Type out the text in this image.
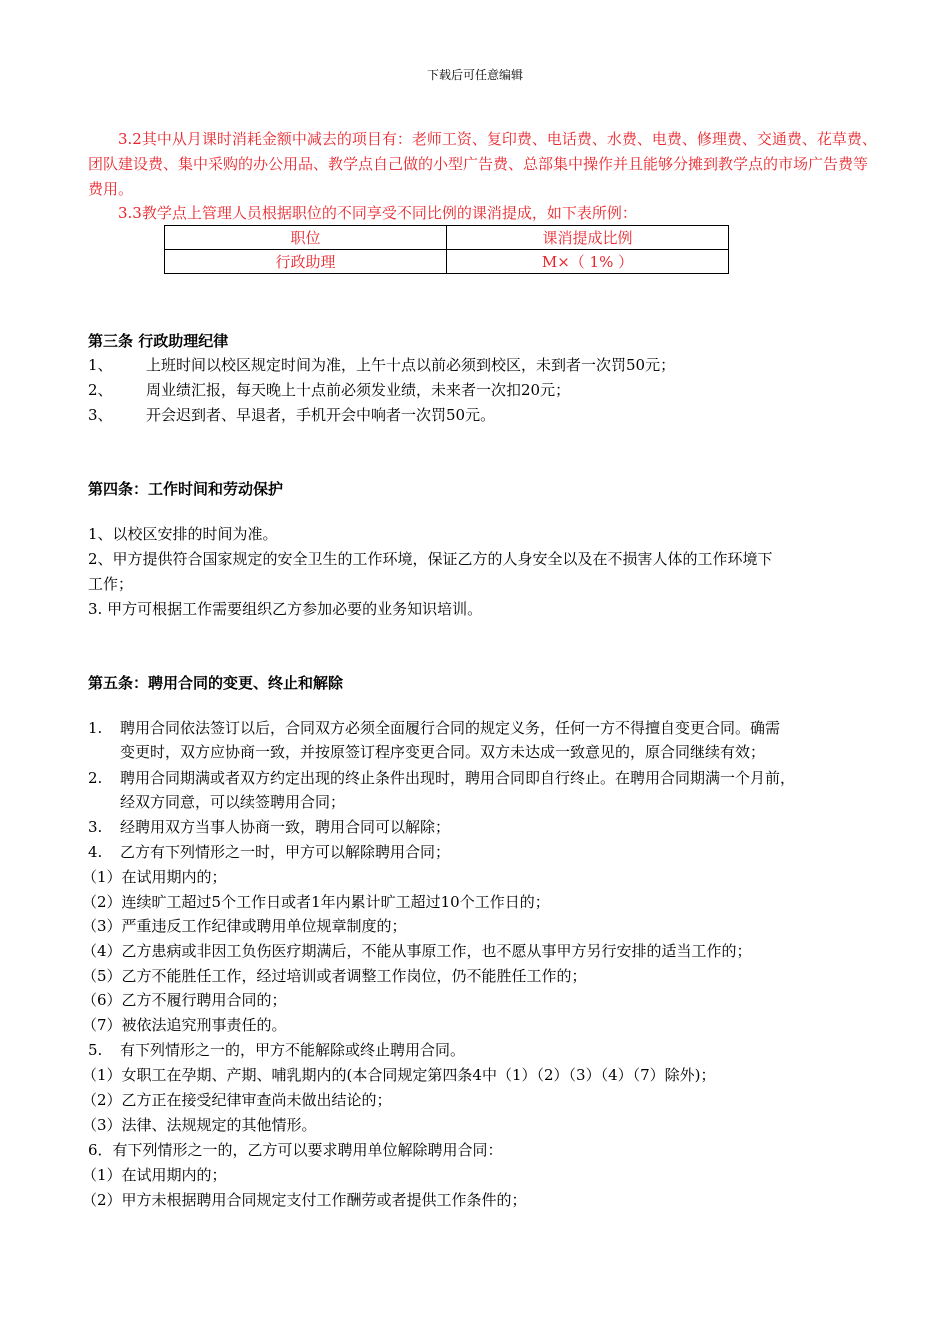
下载后可任意编辑
3.2其中从月课时消耗金额中减去的项目有：老师工资、复印费、电话费、水费、电费、修理费、交通费、花草费、团队建设费、集中采购的办公用品、教学点自己做的小型广告费、总部集中操作并且能够分摊到教学点的市场广告费等费用。
3.3教学点上管理人员根据职位的不同享受不同比例的课消提成，如下表所例：
职位	课消提成比例
行政助理	M×（ 1% ）
第三条 行政助理纪律
1、 上班时间以校区规定时间为准，上午十点以前必须到校区，未到者一次罚50元；
2、 周业绩汇报，每天晚上十点前必须发业绩，未来者一次扣20元；
3、 开会迟到者、早退者，手机开会中响者一次罚50元。
第四条：工作时间和劳动保护
1、以校区安排的时间为准。
2、甲方提供符合国家规定的安全卫生的工作环境，保证乙方的人身安全以及在不损害人体的工作环境下
工作；
3. 甲方可根据工作需要组织乙方参加必要的业务知识培训。
第五条：聘用合同的变更、终止和解除
1. 聘用合同依法签订以后，合同双方必须全面履行合同的规定义务，任何一方不得擅自变更合同。确需
变更时，双方应协商一致，并按原签订程序变更合同。双方未达成一致意见的，原合同继续有效；
2. 聘用合同期满或者双方约定出现的终止条件出现时，聘用合同即自行终止。在聘用合同期满一个月前，
经双方同意，可以续签聘用合同；
3. 经聘用双方当事人协商一致，聘用合同可以解除；
4. 乙方有下列情形之一时，甲方可以解除聘用合同；
（1）在试用期内的；
（2）连续旷工超过5个工作日或者1年内累计旷工超过10个工作日的；
（3）严重违反工作纪律或聘用单位规章制度的；
（4）乙方患病或非因工负伤医疗期满后，不能从事原工作，也不愿从事甲方另行安排的适当工作的；
（5）乙方不能胜任工作，经过培训或者调整工作岗位，仍不能胜任工作的；
（6）乙方不履行聘用合同的；
（7）被依法追究刑事责任的。
5. 有下列情形之一的，甲方不能解除或终止聘用合同。
（1）女职工在孕期、产期、哺乳期内的(本合同规定第四条4中（1）（2）（3）（4）（7）除外)；
（2）乙方正在接受纪律审查尚未做出结论的；
（3）法律、法规规定的其他情形。
6．有下列情形之一的，乙方可以要求聘用单位解除聘用合同：
（1）在试用期内的；
（2）甲方未根据聘用合同规定支付工作酬劳或者提供工作条件的；
